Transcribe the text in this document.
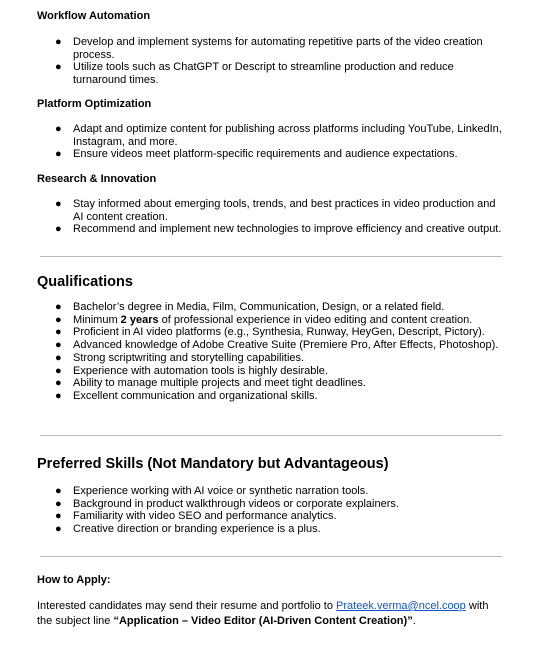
Workflow Automation
● Develop and implement systems for automating repetitive parts of the video creation
process.
● Utilize tools such as ChatGPT or Descript to streamline production and reduce
turnaround times.
Platform Optimization
● Adapt and optimize content for publishing across platforms including YouTube, LinkedIn,
Instagram, and more.
● Ensure videos meet platform-specific requirements and audience expectations.
Research & Innovation
● Stay informed about emerging tools, trends, and best practices in video production and
AI content creation.
● Recommend and implement new technologies to improve efficiency and creative output.
Qualifications
● Bachelor’s degree in Media, Film, Communication, Design, or a related field.
● Minimum 2 years of professional experience in video editing and content creation.
● Proficient in AI video platforms (e.g., Synthesia, Runway, HeyGen, Descript, Pictory).
● Advanced knowledge of Adobe Creative Suite (Premiere Pro, After Effects, Photoshop).
● Strong scriptwriting and storytelling capabilities.
● Experience with automation tools is highly desirable.
● Ability to manage multiple projects and meet tight deadlines.
● Excellent communication and organizational skills.
Preferred Skills (Not Mandatory but Advantageous)
● Experience working with AI voice or synthetic narration tools.
● Background in product walkthrough videos or corporate explainers.
● Familiarity with video SEO and performance analytics.
● Creative direction or branding experience is a plus.
How to Apply:
Interested candidates may send their resume and portfolio to Prateek.verma@ncel.coop with
the subject line “Application – Video Editor (AI-Driven Content Creation)”.
